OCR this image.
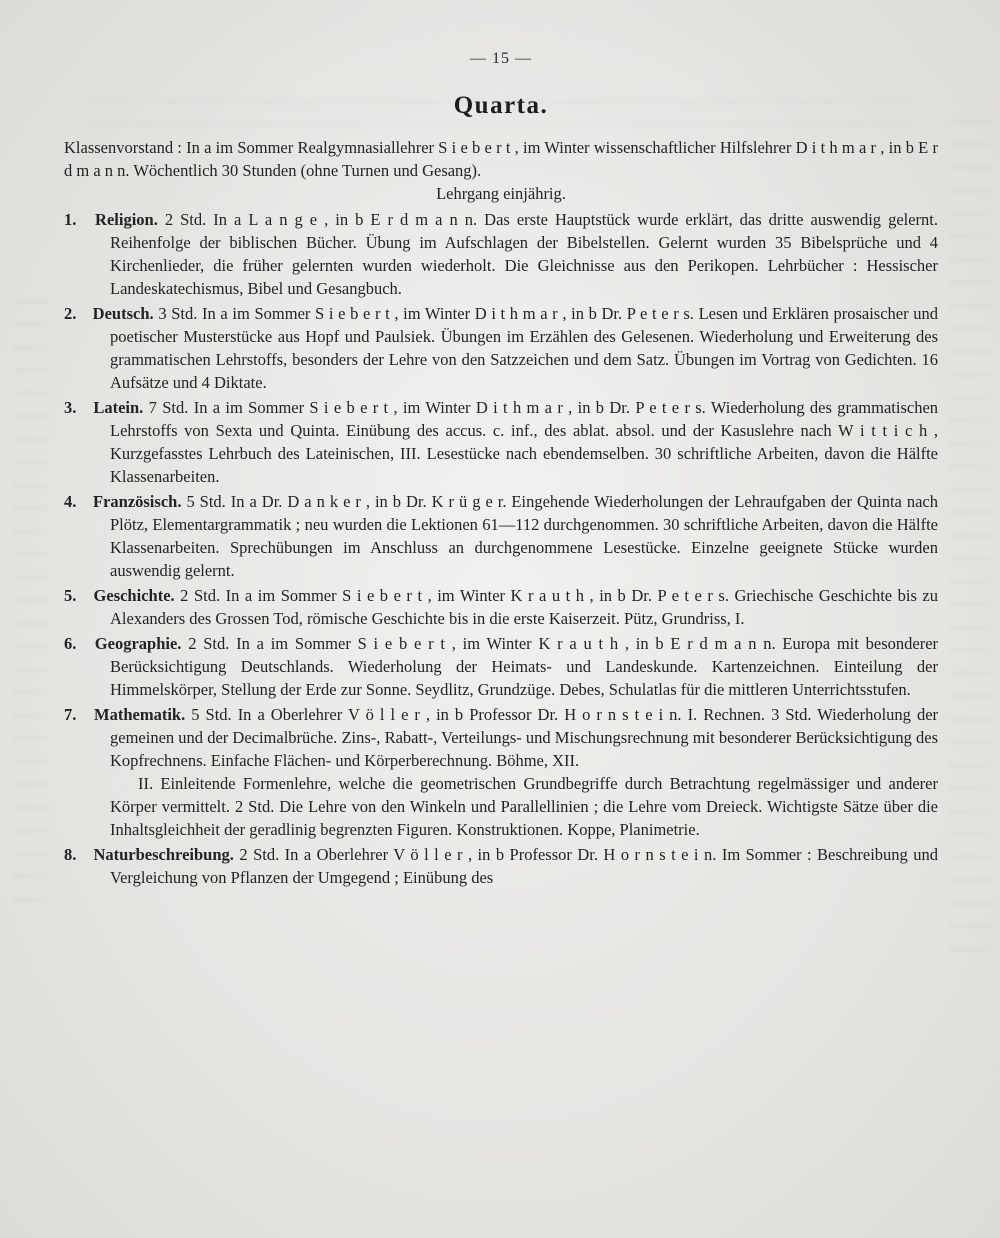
— 15 —
Quarta.

Klassenvorstand : In a im Sommer Realgymnasiallehrer S i e b e r t , im Winter wissenschaftlicher Hilfslehrer D i t h m a r , in b E r d m a n n. Wöchentlich 30 Stunden (ohne Turnen und Gesang).

Lehrgang einjährig.

1. Religion. 2 Std. In a L a n g e , in b E r d m a n n. Das erste Hauptstück wurde erklärt, das dritte auswendig gelernt. Reihenfolge der biblischen Bücher. Übung im Aufschlagen der Bibelstellen. Gelernt wurden 35 Bibelsprüche und 4 Kirchenlieder, die früher gelernten wurden wiederholt. Die Gleichnisse aus den Perikopen. Lehrbücher : Hessischer Landeskatechismus, Bibel und Gesangbuch.

2. Deutsch. 3 Std. In a im Sommer S i e b e r t , im Winter D i t h m a r , in b Dr. P e t e r s. Lesen und Erklären prosaischer und poetischer Musterstücke aus Hopf und Paulsiek. Übungen im Erzählen des Gelesenen. Wiederholung und Erweiterung des grammatischen Lehrstoffs, besonders der Lehre von den Satzzeichen und dem Satz. Übungen im Vortrag von Gedichten. 16 Aufsätze und 4 Diktate.

3. Latein. 7 Std. In a im Sommer S i e b e r t , im Winter D i t h m a r , in b Dr. P e t e r s. Wiederholung des grammatischen Lehrstoffs von Sexta und Quinta. Einübung des accus. c. inf., des ablat. absol. und der Kasuslehre nach W i t t i c h , Kurzgefasstes Lehrbuch des Lateinischen, III. Lesestücke nach ebendemselben. 30 schriftliche Arbeiten, davon die Hälfte Klassenarbeiten.

4. Französisch. 5 Std. In a Dr. D a n k e r , in b Dr. K r ü g e r. Eingehende Wiederholungen der Lehraufgaben der Quinta nach Plötz, Elementargrammatik ; neu wurden die Lektionen 61—112 durchgenommen. 30 schriftliche Arbeiten, davon die Hälfte Klassenarbeiten. Sprechübungen im Anschluss an durchgenommene Lesestücke. Einzelne geeignete Stücke wurden auswendig gelernt.

5. Geschichte. 2 Std. In a im Sommer S i e b e r t , im Winter K r a u t h , in b Dr. P e t e r s. Griechische Geschichte bis zu Alexanders des Grossen Tod, römische Geschichte bis in die erste Kaiserzeit. Pütz, Grundriss, I.

6. Geographie. 2 Std. In a im Sommer S i e b e r t , im Winter K r a u t h , in b E r d m a n n. Europa mit besonderer Berücksichtigung Deutschlands. Wiederholung der Heimats- und Landeskunde. Kartenzeichnen. Einteilung der Himmelskörper, Stellung der Erde zur Sonne. Seydlitz, Grundzüge. Debes, Schulatlas für die mittleren Unterrichtsstufen.

7. Mathematik. 5 Std. In a Oberlehrer V ö l l e r , in b Professor Dr. H o r n s t e i n. I. Rechnen. 3 Std. Wiederholung der gemeinen und der Decimalbrüche. Zins-, Rabatt-, Verteilungs- und Mischungsrechnung mit besonderer Berücksichtigung des Kopfrechnens. Einfache Flächen- und Körperberechnung. Böhme, XII.

II. Einleitende Formenlehre, welche die geometrischen Grundbegriffe durch Betrachtung regelmässiger und anderer Körper vermittelt. 2 Std. Die Lehre von den Winkeln und Parallellinien ; die Lehre vom Dreieck. Wichtigste Sätze über die Inhaltsgleichheit der geradlinig begrenzten Figuren. Konstruktionen. Koppe, Planimetrie.

8. Naturbeschreibung. 2 Std. In a Oberlehrer V ö l l e r , in b Professor Dr. H o r n s t e i n. Im Sommer : Beschreibung und Vergleichung von Pflanzen der Umgegend ; Einübung des
